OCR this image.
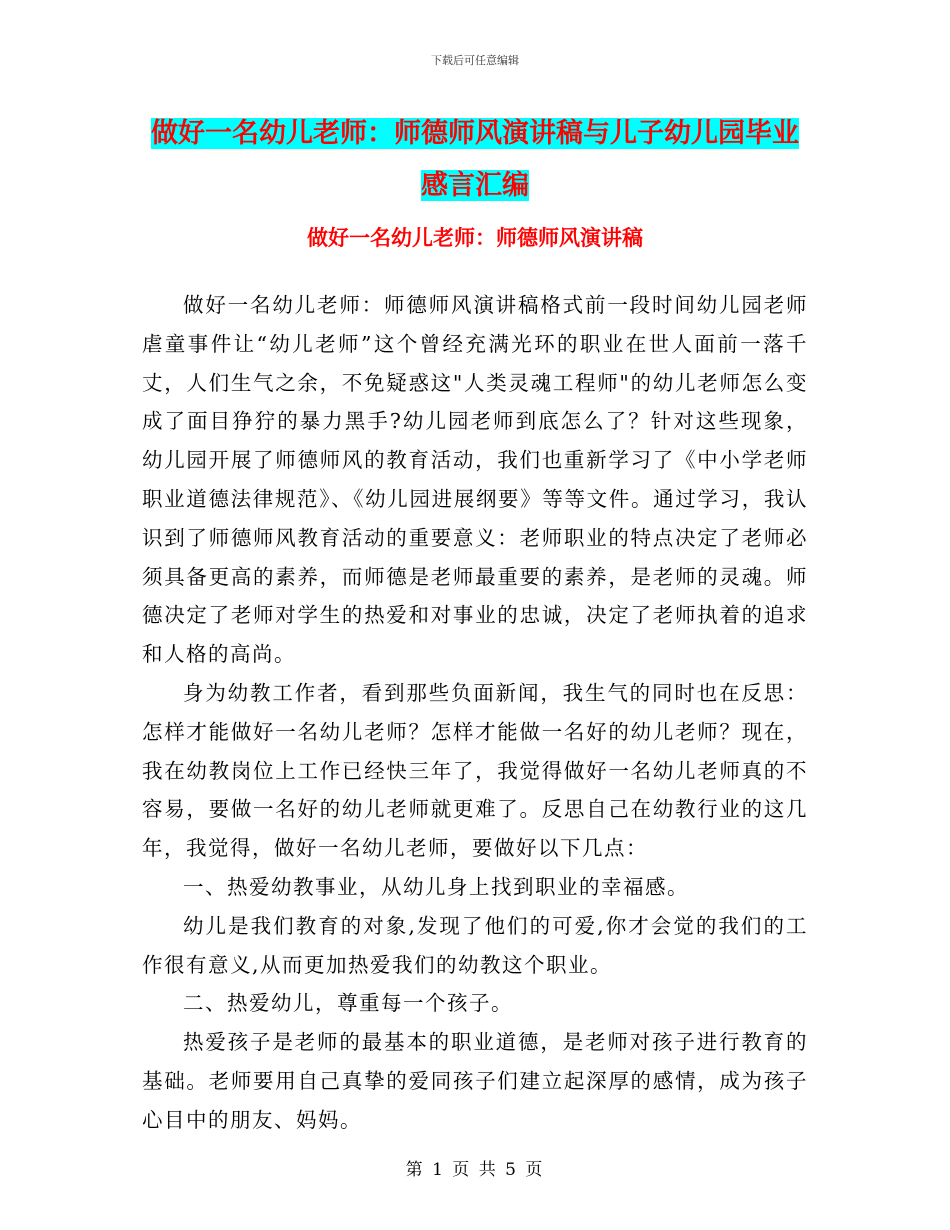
下载后可任意编辑
做好一名幼儿老师：师德师风演讲稿与儿子幼儿园毕业感言汇编
做好一名幼儿老师：师德师风演讲稿

做好一名幼儿老师：师德师风演讲稿格式前一段时间幼儿园老师虐童事件让“幼儿老师”这个曾经充满光环的职业在世人面前一落千丈，人们生气之余，不免疑惑这"人类灵魂工程师"的幼儿老师怎么变成了面目狰狞的暴力黑手?幼儿园老师到底怎么了？针对这些现象，幼儿园开展了师德师风的教育活动，我们也重新学习了《中小学老师职业道德法律规范》、《幼儿园进展纲要》等等文件。通过学习，我认识到了师德师风教育活动的重要意义：老师职业的特点决定了老师必须具备更高的素养，而师德是老师最重要的素养，是老师的灵魂。师德决定了老师对学生的热爱和对事业的忠诚，决定了老师执着的追求和人格的高尚。

身为幼教工作者，看到那些负面新闻，我生气的同时也在反思：怎样才能做好一名幼儿老师？怎样才能做一名好的幼儿老师？现在，我在幼教岗位上工作已经快三年了，我觉得做好一名幼儿老师真的不容易，要做一名好的幼儿老师就更难了。反思自己在幼教行业的这几年，我觉得，做好一名幼儿老师，要做好以下几点：

一、热爱幼教事业，从幼儿身上找到职业的幸福感。

幼儿是我们教育的对象,发现了他们的可爱,你才会觉的我们的工作很有意义,从而更加热爱我们的幼教这个职业。

二、热爱幼儿，尊重每一个孩子。

热爱孩子是老师的最基本的职业道德，是老师对孩子进行教育的基础。老师要用自己真挚的爱同孩子们建立起深厚的感情，成为孩子心目中的朋友、妈妈。

第 1 页 共 5 页
